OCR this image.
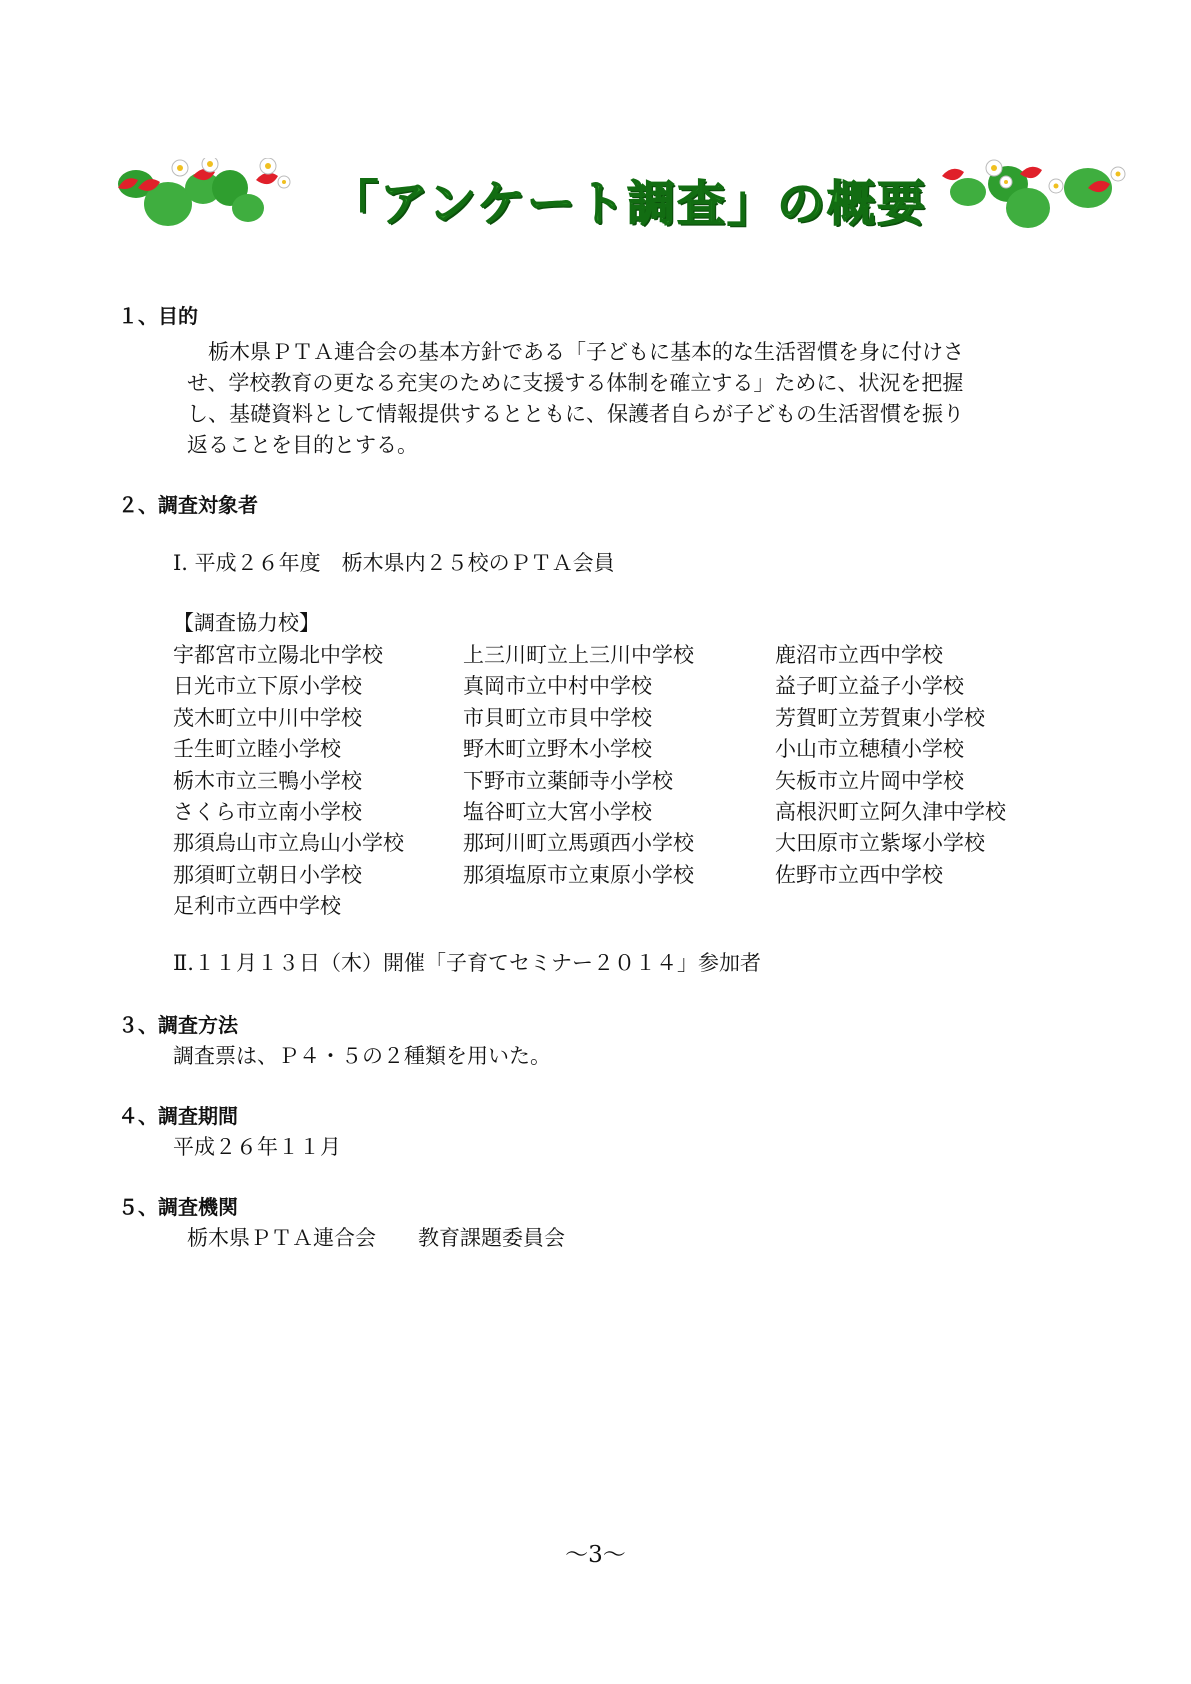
「アンケート調査」の概要
１、目的
栃木県ＰＴＡ連合会の基本方針である「子どもに基本的な生活習慣を身に付けさ
せ、学校教育の更なる充実のために支援する体制を確立する」ために、状況を把握
し、基礎資料として情報提供するとともに、保護者自らが子どもの生活習慣を振り
返ることを目的とする。
２、調査対象者
Ⅰ. 平成２６年度　栃木県内２５校のＰＴＡ会員
【調査協力校】
宇都宮市立陽北中学校
日光市立下原小学校
茂木町立中川中学校
壬生町立睦小学校
栃木市立三鴨小学校
さくら市立南小学校
那須烏山市立烏山小学校
那須町立朝日小学校
足利市立西中学校
上三川町立上三川中学校
真岡市立中村中学校
市貝町立市貝中学校
野木町立野木小学校
下野市立薬師寺小学校
塩谷町立大宮小学校
那珂川町立馬頭西小学校
那須塩原市立東原小学校
鹿沼市立西中学校
益子町立益子小学校
芳賀町立芳賀東小学校
小山市立穂積小学校
矢板市立片岡中学校
高根沢町立阿久津中学校
大田原市立紫塚小学校
佐野市立西中学校
Ⅱ.１１月１３日（木）開催「子育てセミナー２０１４」参加者
３、調査方法
調査票は、Ｐ４・５の２種類を用いた。
４、調査期間
平成２６年１１月
５、調査機関
栃木県ＰＴＡ連合会　　教育課題委員会
～3～
